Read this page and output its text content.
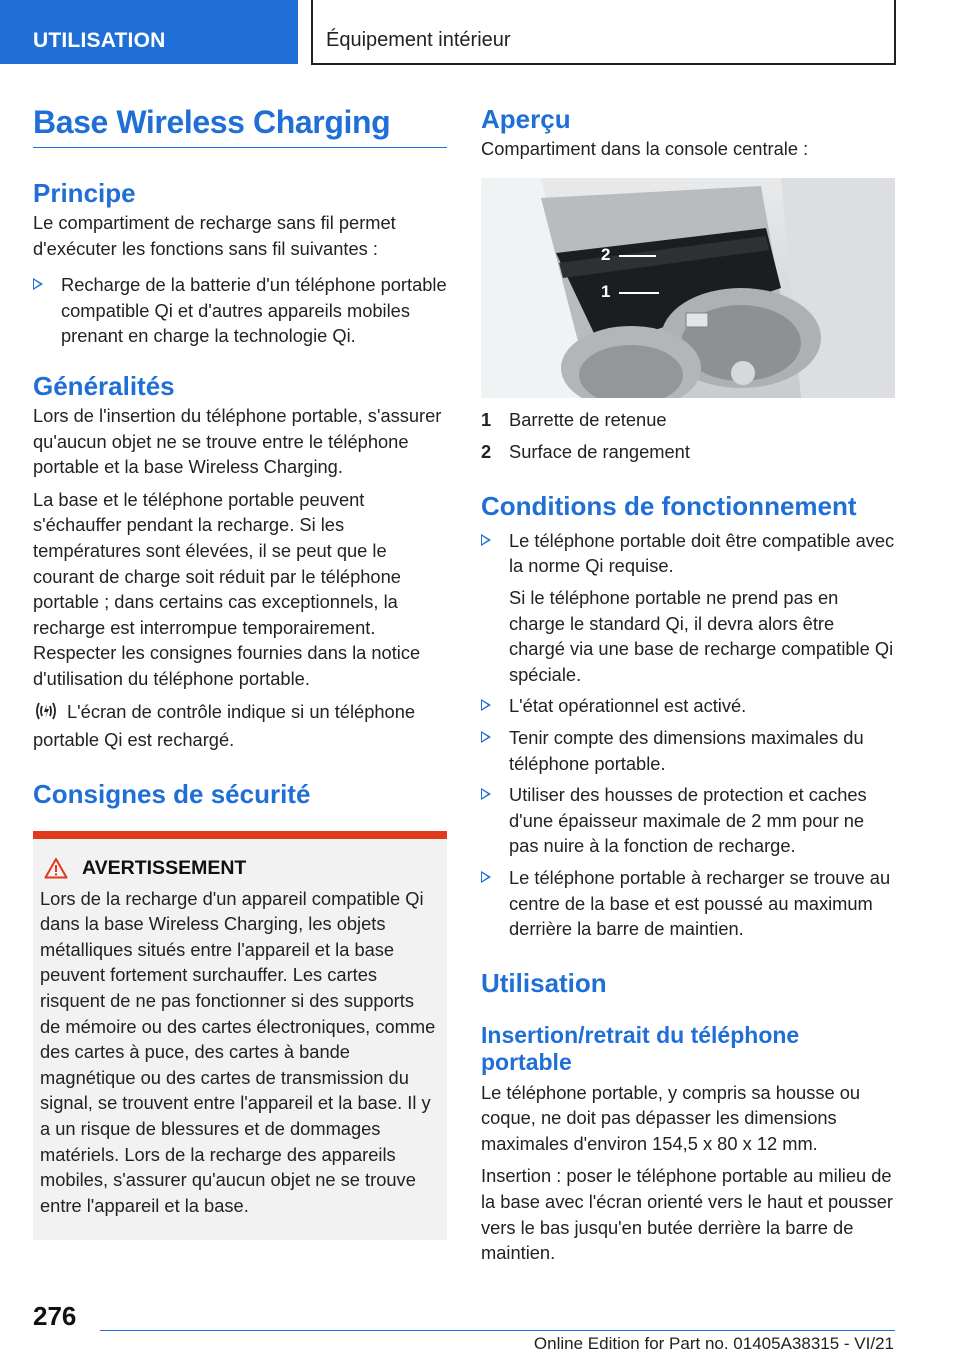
UTILISATION	Équipement intérieur
Base Wireless Charging
Principe
Le compartiment de recharge sans fil permet d'exécuter les fonctions sans fil suivantes :
Recharge de la batterie d'un téléphone portable compatible Qi et d'autres appareils mobiles prenant en charge la technologie Qi.
Généralités
Lors de l'insertion du téléphone portable, s'assurer qu'aucun objet ne se trouve entre le téléphone portable et la base Wireless Charging.
La base et le téléphone portable peuvent s'échauffer pendant la recharge. Si les températures sont élevées, il se peut que le courant de charge soit réduit par le téléphone portable ; dans certains cas exceptionnels, la recharge est interrompue temporairement. Respecter les consignes fournies dans la notice d'utilisation du téléphone portable.
L'écran de contrôle indique si un téléphone portable Qi est rechargé.
Consignes de sécurité
AVERTISSEMENT
Lors de la recharge d'un appareil compatible Qi dans la base Wireless Charging, les objets métalliques situés entre l'appareil et la base peuvent fortement surchauffer. Les cartes risquent de ne pas fonctionner si des supports de mémoire ou des cartes électroniques, comme des cartes à puce, des cartes à bande magnétique ou des cartes de transmission du signal, se trouvent entre l'appareil et la base. Il y a un risque de blessures et de dommages matériels. Lors de la recharge des appareils mobiles, s'assurer qu'aucun objet ne se trouve entre l'appareil et la base.
Aperçu
Compartiment dans la console centrale :
2
1
1 Barrette de retenue
2 Surface de rangement
Conditions de fonctionnement
Le téléphone portable doit être compatible avec la norme Qi requise.
Si le téléphone portable ne prend pas en charge le standard Qi, il devra alors être chargé via une base de recharge compatible Qi spéciale.
L'état opérationnel est activé.
Tenir compte des dimensions maximales du téléphone portable.
Utiliser des housses de protection et caches d'une épaisseur maximale de 2 mm pour ne pas nuire à la fonction de recharge.
Le téléphone portable à recharger se trouve au centre de la base et est poussé au maximum derrière la barre de maintien.
Utilisation
Insertion/retrait du téléphone portable
Le téléphone portable, y compris sa housse ou coque, ne doit pas dépasser les dimensions maximales d'environ 154,5 x 80 x 12 mm.
Insertion : poser le téléphone portable au milieu de la base avec l'écran orienté vers le haut et pousser vers le bas jusqu'en butée derrière la barre de maintien.
276
Online Edition for Part no. 01405A38315 - VI/21
